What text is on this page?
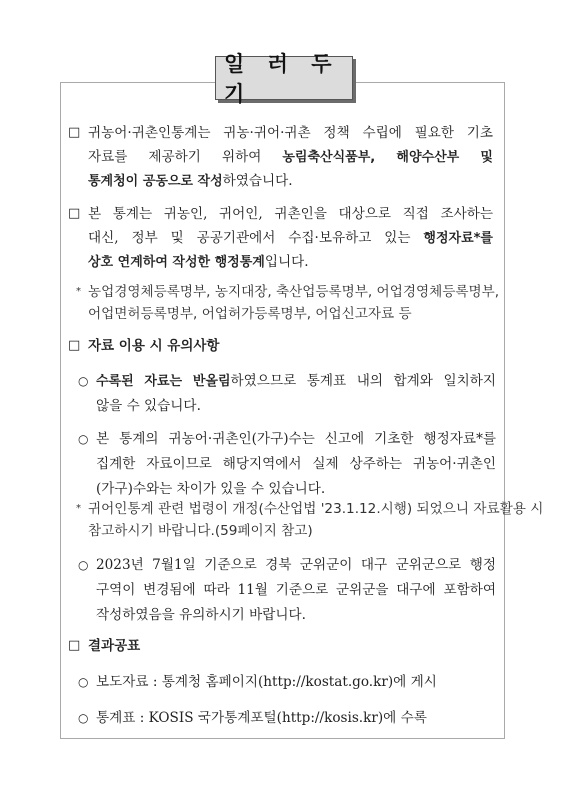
일 러 두 기
□ 귀농어·귀촌인통계는 귀농·귀어·귀촌 정책 수립에 필요한 기초
자료를 제공하기 위하여 농림축산식품부, 해양수산부 및
통계청이 공동으로 작성하였습니다.
□ 본 통계는 귀농인, 귀어인, 귀촌인을 대상으로 직접 조사하는
대신, 정부 및 공공기관에서 수집·보유하고 있는 행정자료*를
상호 연계하여 작성한 행정통계입니다.
* 농업경영체등록명부, 농지대장, 축산업등록명부, 어업경영체등록명부,
어업면허등록명부, 어업허가등록명부, 어업신고자료 등
□ 자료 이용 시 유의사항
○ 수록된 자료는 반올림하였으므로 통계표 내의 합계와 일치하지
않을 수 있습니다.
○ 본 통계의 귀농어·귀촌인(가구)수는 신고에 기초한 행정자료*를
집계한 자료이므로 해당지역에서 실제 상주하는 귀농어·귀촌인
(가구)수와는 차이가 있을 수 있습니다.
* 귀어인통계 관련 법령이 개정(수산업법 '23.1.12.시행) 되었으니 자료활용 시
참고하시기 바랍니다.(59페이지 참고)
○ 2023년 7월1일 기준으로 경북 군위군이 대구 군위군으로 행정
구역이 변경됨에 따라 11월 기준으로 군위군을 대구에 포함하여
작성하였음을 유의하시기 바랍니다.
□ 결과공표
○ 보도자료 : 통계청 홈페이지(http://kostat.go.kr)에 게시
○ 통계표 : KOSIS 국가통계포털(http://kosis.kr)에 수록
